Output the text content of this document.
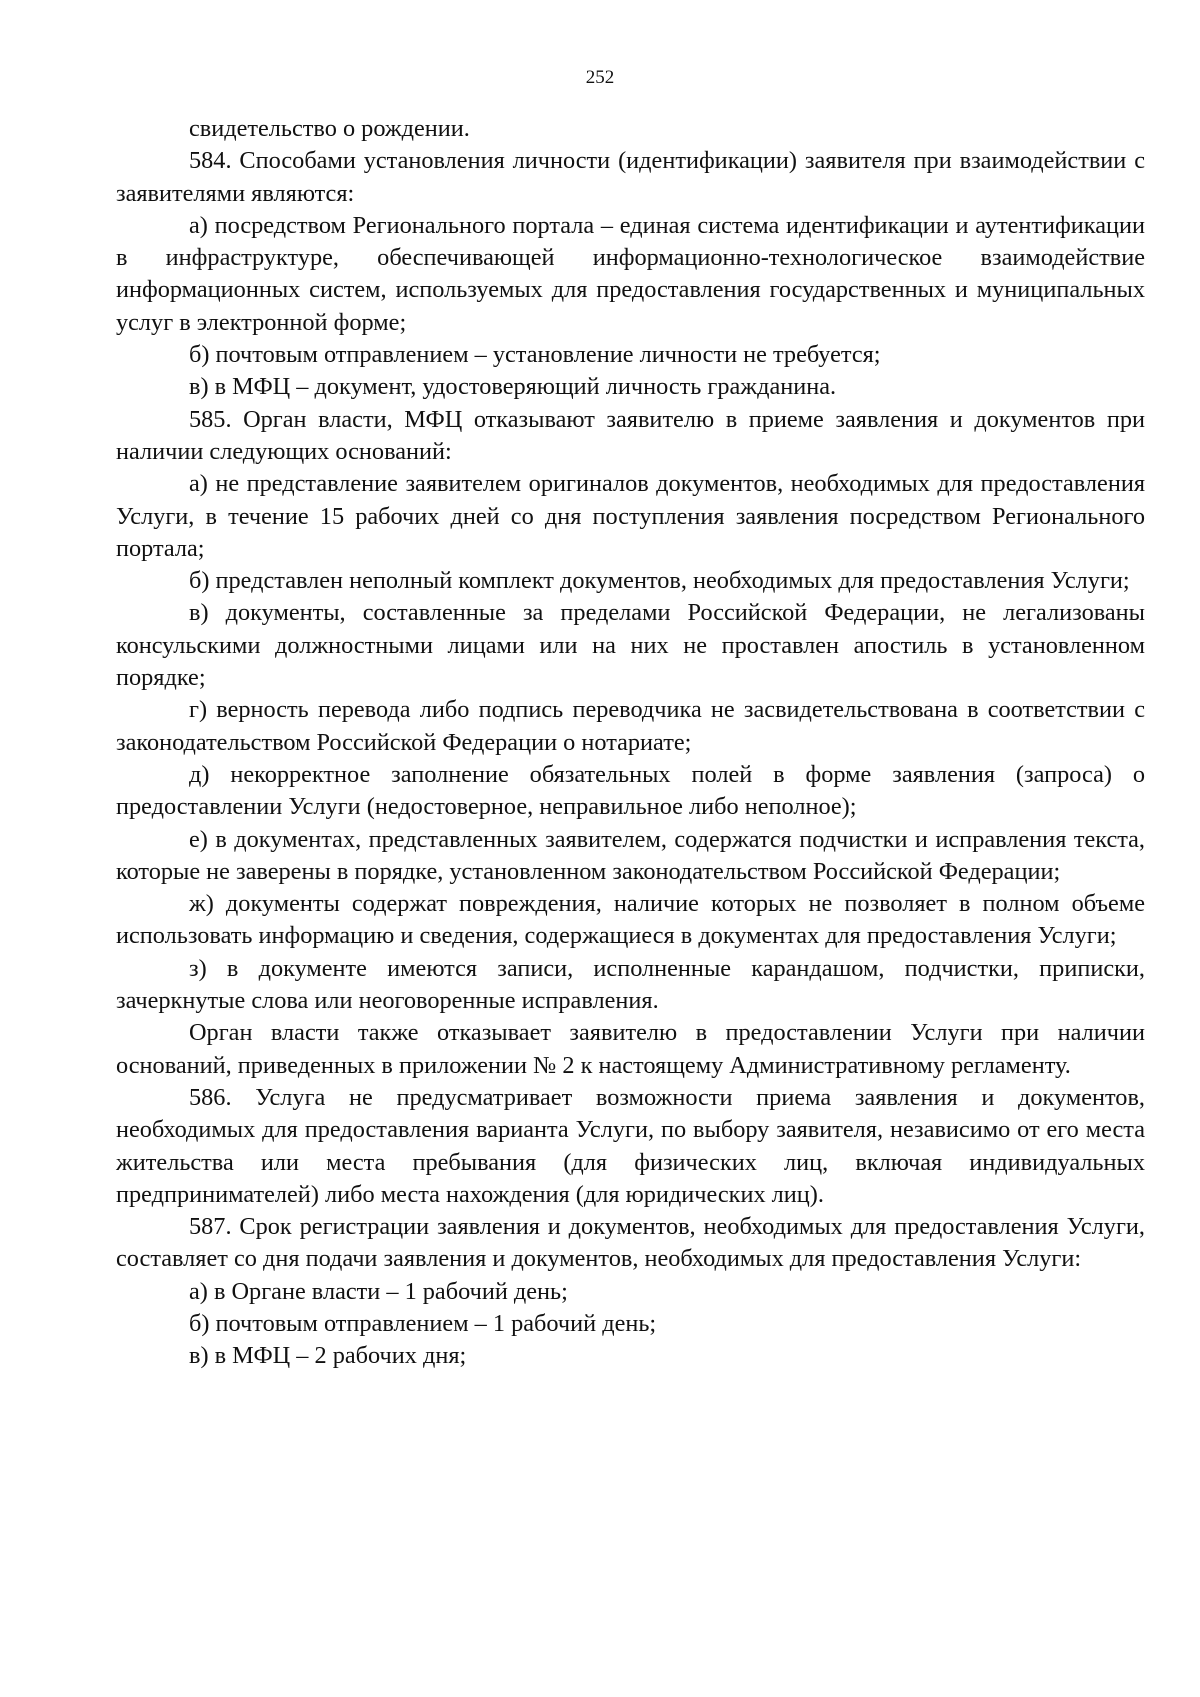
252

свидетельство о рождении.

584. Способами установления личности (идентификации) заявителя при взаимодействии с заявителями являются:

а) посредством Регионального портала – единая система идентификации и аутентификации в инфраструктуре, обеспечивающей информационно-технологическое взаимодействие информационных систем, используемых для предоставления государственных и муниципальных услуг в электронной форме;

б) почтовым отправлением – установление личности не требуется;

в) в МФЦ – документ, удостоверяющий личность гражданина.

585. Орган власти, МФЦ отказывают заявителю в приеме заявления и документов при наличии следующих оснований:

а) не представление заявителем оригиналов документов, необходимых для предоставления Услуги, в течение 15 рабочих дней со дня поступления заявления посредством Регионального портала;

б) представлен неполный комплект документов, необходимых для предоставления Услуги;

в) документы, составленные за пределами Российской Федерации, не легализованы консульскими должностными лицами или на них не проставлен апостиль в установленном порядке;

г) верность перевода либо подпись переводчика не засвидетельствована в соответствии с законодательством Российской Федерации о нотариате;

д) некорректное заполнение обязательных полей в форме заявления (запроса) о предоставлении Услуги (недостоверное, неправильное либо неполное);

е) в документах, представленных заявителем, содержатся подчистки и исправления текста, которые не заверены в порядке, установленном законодательством Российской Федерации;

ж) документы содержат повреждения, наличие которых не позволяет в полном объеме использовать информацию и сведения, содержащиеся в документах для предоставления Услуги;

з) в документе имеются записи, исполненные карандашом, подчистки, приписки, зачеркнутые слова или неоговоренные исправления.

Орган власти также отказывает заявителю в предоставлении Услуги при наличии оснований, приведенных в приложении № 2 к настоящему Административному регламенту.

586. Услуга не предусматривает возможности приема заявления и документов, необходимых для предоставления варианта Услуги, по выбору заявителя, независимо от его места жительства или места пребывания (для физических лиц, включая индивидуальных предпринимателей) либо места нахождения (для юридических лиц).

587. Срок регистрации заявления и документов, необходимых для предоставления Услуги, составляет со дня подачи заявления и документов, необходимых для предоставления Услуги:

а) в Органе власти – 1 рабочий день;

б) почтовым отправлением – 1 рабочий день;

в) в МФЦ – 2 рабочих дня;
